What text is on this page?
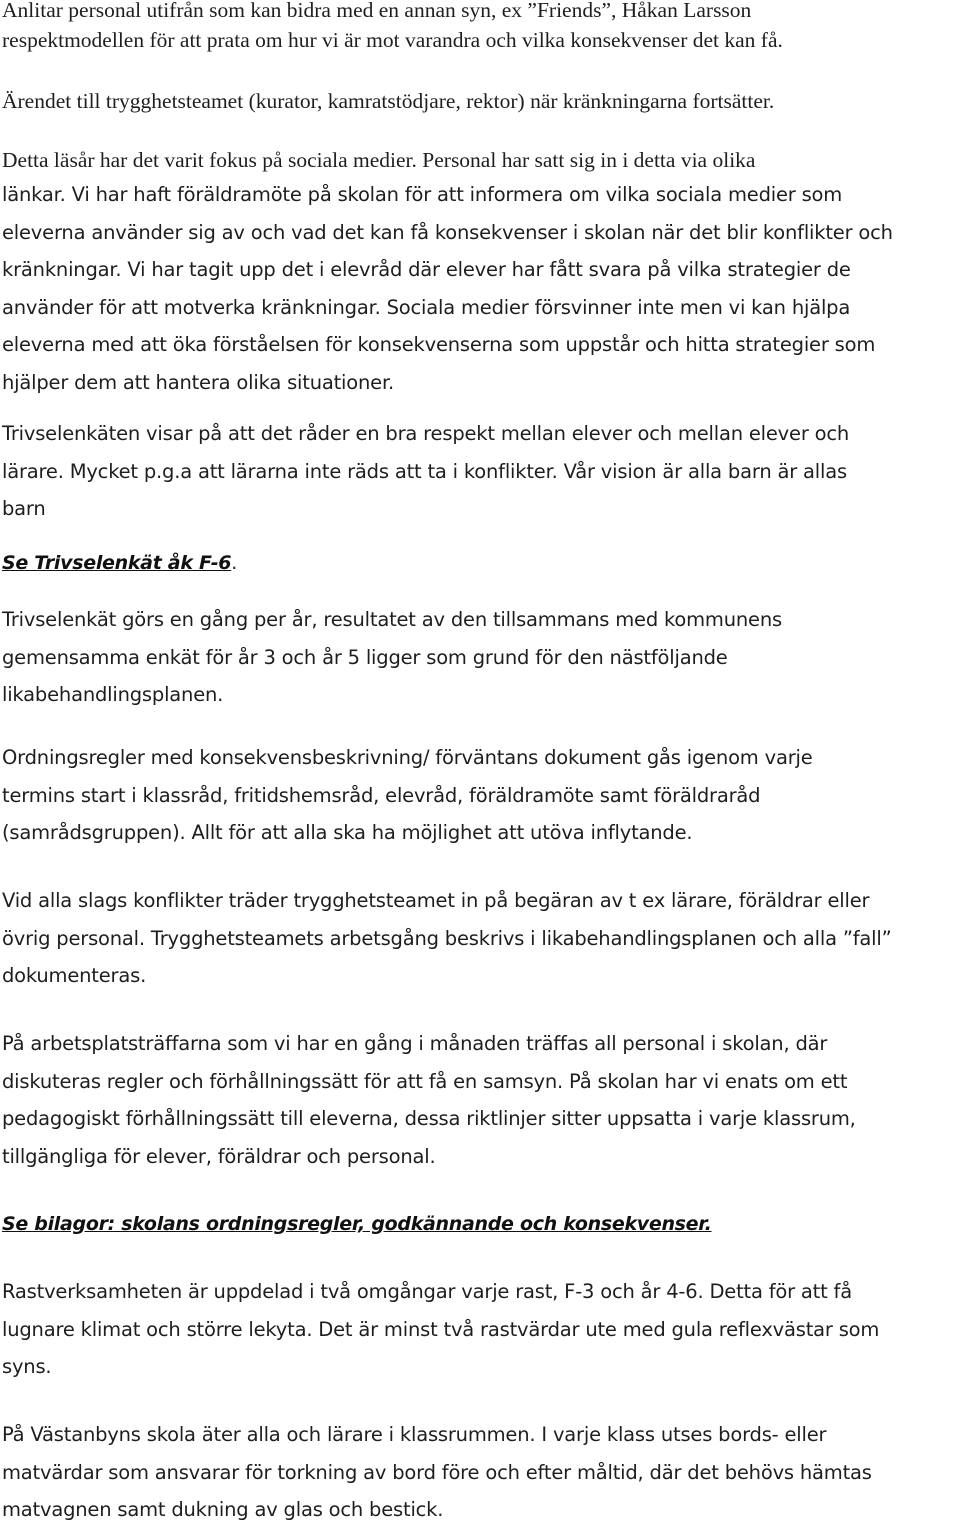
Anlitar personal utifrån som kan bidra med en annan syn, ex ”Friends”, Håkan Larsson
respektmodellen för att prata om hur vi är mot varandra och vilka konsekvenser det kan få.

Ärendet till trygghetsteamet (kurator, kamratstödjare, rektor) när kränkningarna fortsätter.

Detta läsår har det varit fokus på sociala medier. Personal har satt sig in i detta via olika

länkar. Vi har haft föräldramöte på skolan för att informera om vilka sociala medier som
eleverna använder sig av och vad det kan få konsekvenser i skolan när det blir konflikter och
kränkningar. Vi har tagit upp det i elevråd där elever har fått svara på vilka strategier de
använder för att motverka kränkningar. Sociala medier försvinner inte men vi kan hjälpa
eleverna med att öka förståelsen för konsekvenserna som uppstår och hitta strategier som
hjälper dem att hantera olika situationer.

Trivselenkäten visar på att det råder en bra respekt mellan elever och mellan elever och
lärare. Mycket p.g.a att lärarna inte räds att ta i konflikter. Vår vision är alla barn är allas
barn

Se Trivselenkät åk F-6.

Trivselenkät görs en gång per år, resultatet av den tillsammans med kommunens
gemensamma enkät för år 3 och år 5 ligger som grund för den nästföljande
likabehandlingsplanen.

Ordningsregler med konsekvensbeskrivning/ förväntans dokument gås igenom varje
termins start i klassråd, fritidshemsråd, elevråd, föräldramöte samt föräldraråd
(samrådsgruppen). Allt för att alla ska ha möjlighet att utöva inflytande.

Vid alla slags konflikter träder trygghetsteamet in på begäran av t ex lärare, föräldrar eller
övrig personal. Trygghetsteamets arbetsgång beskrivs i likabehandlingsplanen och alla ”fall”
dokumenteras.

På arbetsplatsträffarna som vi har en gång i månaden träffas all personal i skolan, där
diskuteras regler och förhållningssätt för att få en samsyn. På skolan har vi enats om ett
pedagogiskt förhållningssätt till eleverna, dessa riktlinjer sitter uppsatta i varje klassrum,
tillgängliga för elever, föräldrar och personal.

Se bilagor: skolans ordningsregler, godkännande och konsekvenser.

Rastverksamheten är uppdelad i två omgångar varje rast, F-3 och år 4-6. Detta för att få
lugnare klimat och större lekyta. Det är minst två rastvärdar ute med gula reflexvästar som
syns.

På Västanbyns skola äter alla och lärare i klassrummen. I varje klass utses bords- eller
matvärdar som ansvarar för torkning av bord före och efter måltid, där det behövs hämtas
matvagnen samt dukning av glas och bestick.
